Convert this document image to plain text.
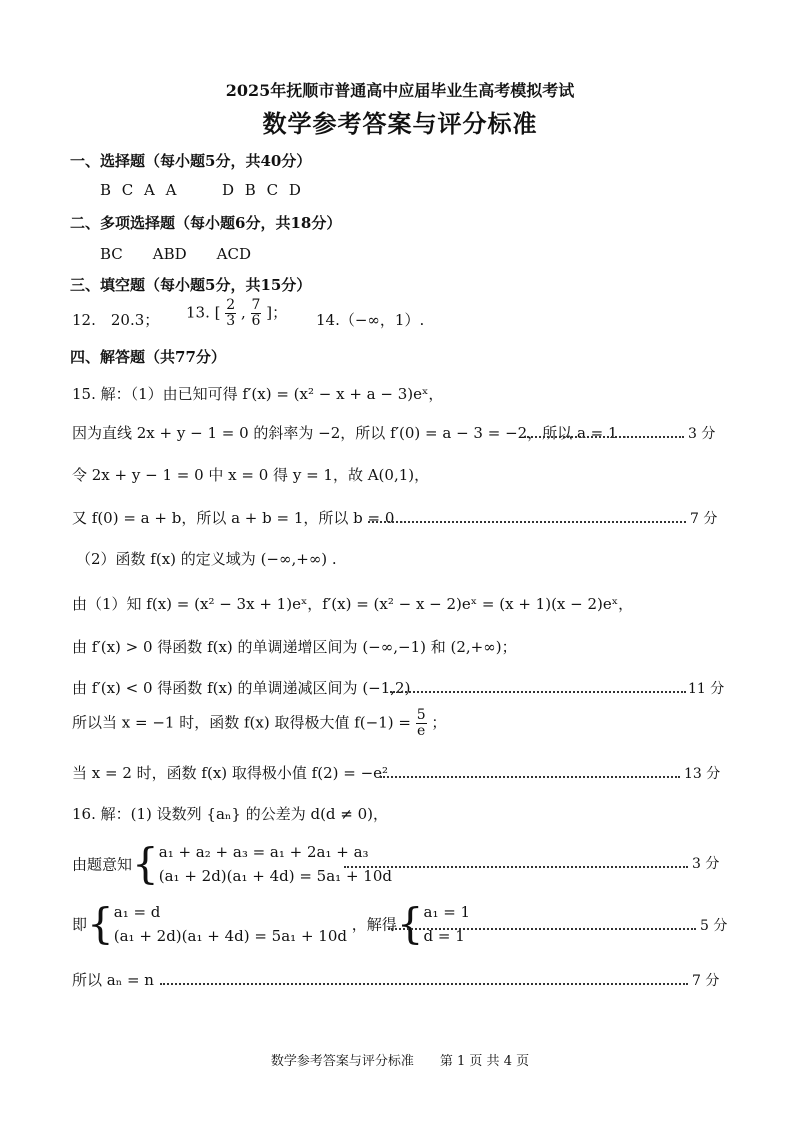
2025年抚顺市普通高中应届毕业生高考模拟考试
数学参考答案与评分标准
一、选择题（每小题5分，共40分）
B C A A	D B C D
二、多项选择题（每小题6分，共18分）
BC　　ABD　　ACD
三、填空题（每小题5分，共15分）
12.　20.3； 13. [ $\frac{2}{3}$ , $\frac{7}{6}$ ]； 14.（−∞，1）.
四、解答题（共77分）
15. 解：（1）由已知可得 f′(x) = (x² − x + a − 3)eˣ，
因为直线 2x + y − 1 = 0 的斜率为 −2，所以 f′(0) = a − 3 = −2，所以 a = 1 .	3 分
令 2x + y − 1 = 0 中 x = 0 得 y = 1，故 A(0,1)，
又 f(0) = a + b，所以 a + b = 1，所以 b = 0 .	7 分
（2）函数 f(x) 的定义域为 (−∞,+∞) .
由（1）知 f(x) = (x² − 3x + 1)eˣ，f′(x) = (x² − x − 2)eˣ = (x + 1)(x − 2)eˣ，
由 f′(x) > 0 得函数 f(x) 的单调递增区间为 (−∞,−1) 和 (2,+∞)；
由 f′(x) < 0 得函数 f(x) 的单调递减区间为 (−1,2)	11 分
所以当 x = −1 时，函数 f(x) 取得极大值 $f(-1) = \frac{5}{e}$ ；
当 x = 2 时，函数 f(x) 取得极小值 f(2) = −e²	13 分
16. 解：(1) 设数列 {aₙ} 的公差为 d(d ≠ 0)，
由题意知{ a₁ + a₂ + a₃ = a₁ + 2a₁ + a₃
(a₁ + 2d)(a₁ + 4d) = 5a₁ + 10d
3 分
即{ a₁ = d
(a₁ + 2d)(a₁ + 4d) = 5a₁ + 10d
，解得{ a₁ = 1
d = 1
5 分
所以 aₙ = n .	7 分
数学参考答案与评分标准　　第 1 页 共 4 页
